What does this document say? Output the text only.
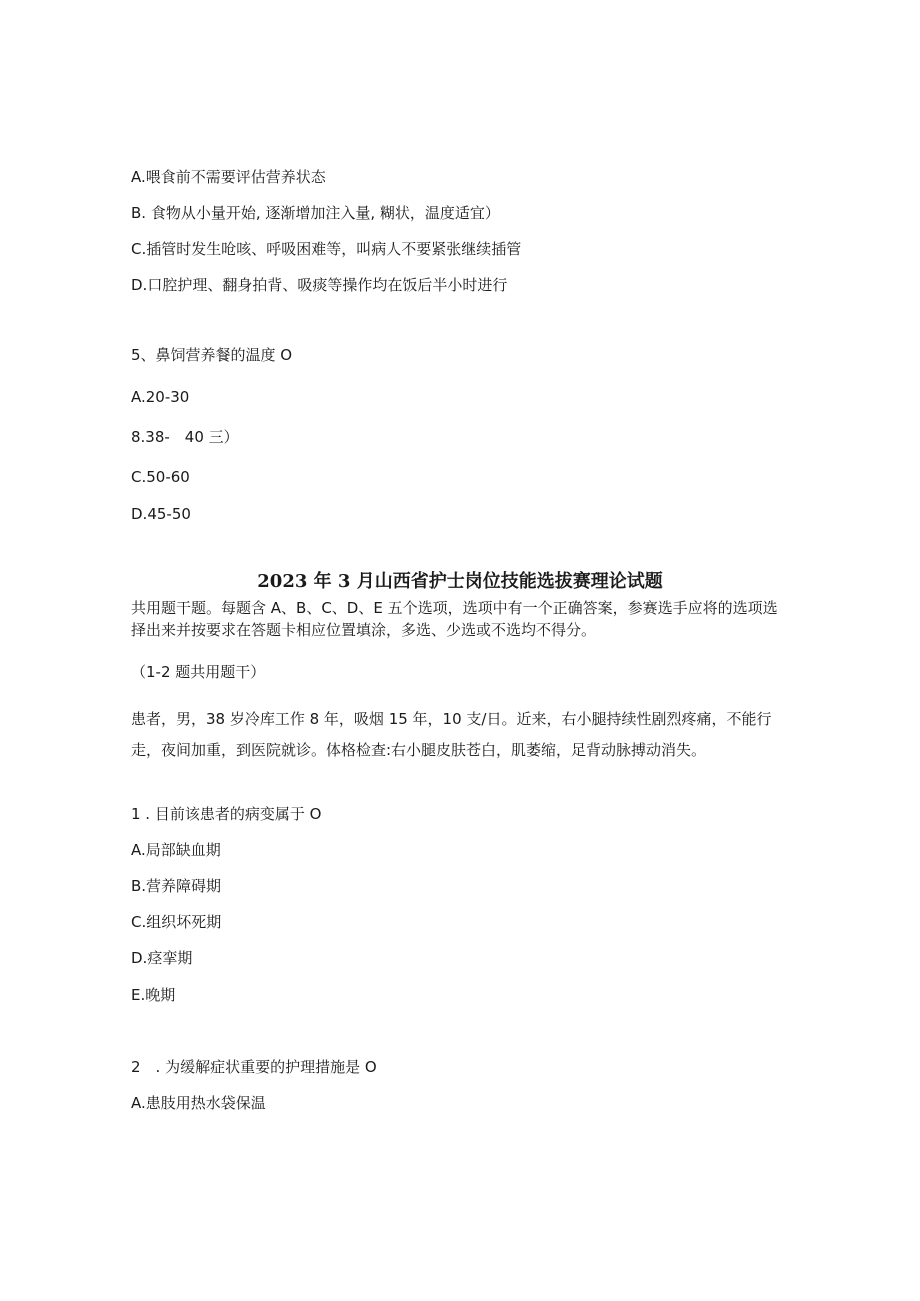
A.喂食前不需要评估营养状态
B. 食物从小量开始, 逐渐增加注入量, 糊状，温度适宜）
C.插管时发生呛咳、呼吸困难等，叫病人不要紧张继续插管
D.口腔护理、翻身拍背、吸痰等操作均在饭后半小时进行
5、鼻饲营养餐的温度 O
A.20-30
8.38-　40 三）
C.50-60
D.45-50
2023 年 3 月山西省护士岗位技能选拔赛理论试题
共用题干题。每题含 A、B、C、D、E 五个选项，选项中有一个正确答案，参赛选手应将的选项选择出来并按要求在答题卡相应位置填涂，多选、少选或不选均不得分。
（1-2 题共用题干）
患者，男，38 岁冷库工作 8 年，吸烟 15 年，10 支/日。近来，右小腿持续性剧烈疼痛，不能行走，夜间加重，到医院就诊。体格检查:右小腿皮肤苍白，肌萎缩，足背动脉搏动消失。
1 . 目前该患者的病变属于 O
A.局部缺血期
B.营养障碍期
C.组织坏死期
D.痉挛期
E.晚期
2　. 为缓解症状重要的护理措施是 O
A.患肢用热水袋保温
